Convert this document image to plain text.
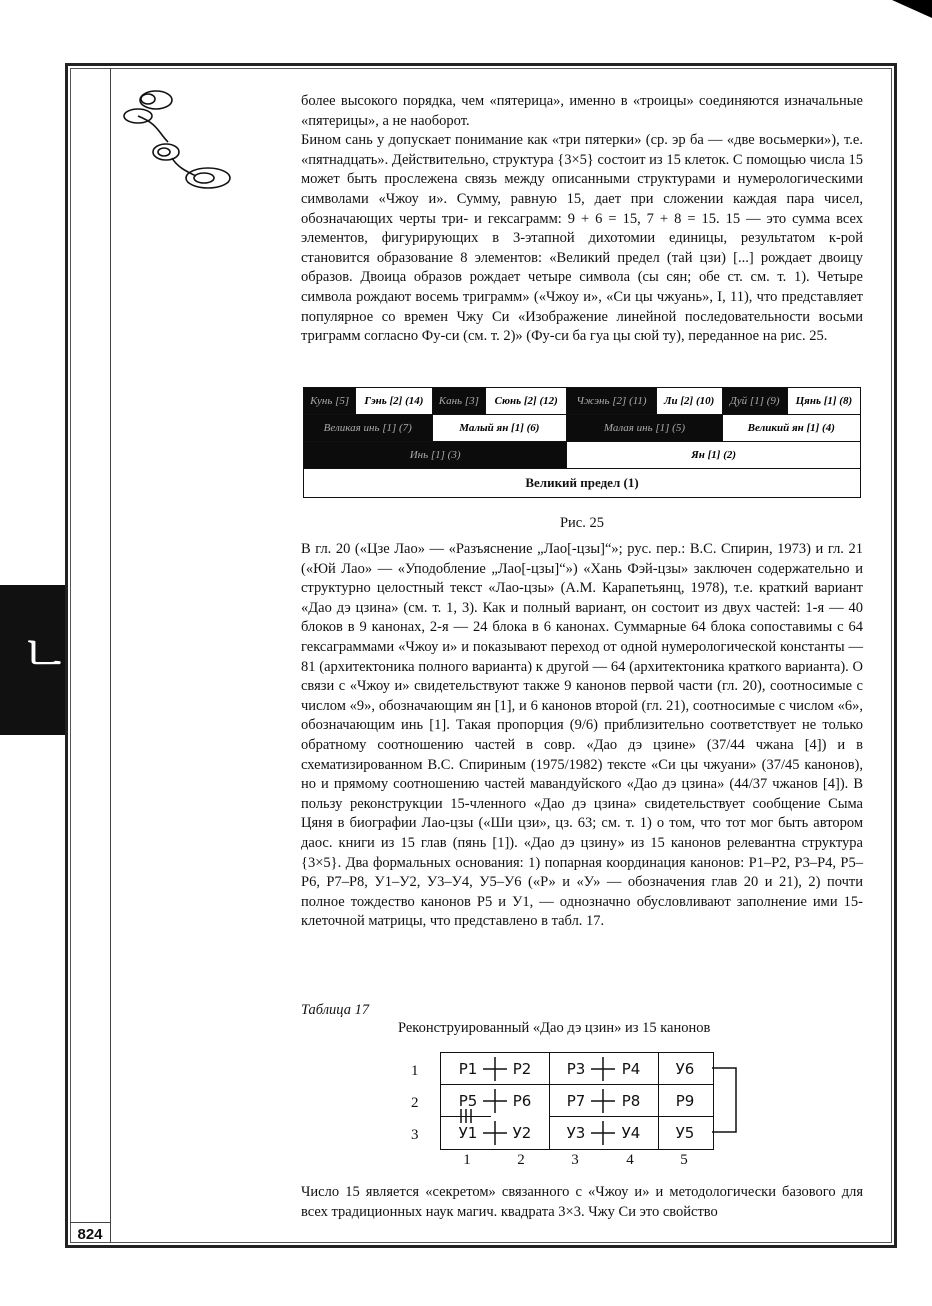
ㄴ

более высокого порядка, чем «пятерица», именно в «троицы» соединяются изначальные «пятерицы», а не наоборот.

Бином сань у допускает понимание как «три пятерки» (ср. эр ба — «две восьмерки»), т.е. «пятнадцать». Действительно, структура {3×5} состоит из 15 клеток. С помощью числа 15 может быть прослежена связь между описанными структурами и нумерологическими символами «Чжоу и». Сумму, равную 15, дает при сложении каждая пара чисел, обозначающих черты три- и гексаграмм: 9 + 6 = 15, 7 + 8 = 15. 15 — это сумма всех элементов, фигурирующих в 3-этапной дихотомии единицы, результатом к-рой становится образование 8 элементов: «Великий предел (тай цзи) [...] рождает двоицу образов. Двоица образов рождает четыре символа (сы сян; обе ст. см. т. 1). Четыре символа рождают восемь триграмм» («Чжоу и», «Си цы чжуань», I, 11), что представляет популярное со времен Чжу Си «Изображение линейной последовательности восьми триграмм согласно Фу-си (см. т. 2)» (Фу-си ба гуа цы сюй ту), переданное на рис. 25.

Кунь [5]	Гэнь [2] (14)	Кань [3]	Сюнь [2] (12)	Чжэнь [2] (11)	Ли [2] (10)	Дуй [1] (9)	Цянь [1] (8)
Великая инь [1] (7)		Малый ян [1] (6)		Малая инь [1] (5)		Великий ян [1] (4)	
Инь [1] (3)				Ян [1] (2)			
Великий предел (1)							
Рис. 25

В гл. 20 («Цзе Лао» — «Разъяснение „Лао[-цзы]“»; рус. пер.: В.С. Спирин, 1973) и гл. 21 («Юй Лао» — «Уподобление „Лао[-цзы]“») «Хань Фэй-цзы» заключен содержательно и структурно целостный текст «Лао-цзы» (А.М. Карапетьянц, 1978), т.е. краткий вариант «Дао дэ цзина» (см. т. 1, 3). Как и полный вариант, он состоит из двух частей: 1-я — 40 блоков в 9 канонах, 2-я — 24 блока в 6 канонах. Суммарные 64 блока сопоставимы с 64 гексаграммами «Чжоу и» и показывают переход от одной нумерологической константы — 81 (архитектоника полного варианта) к другой — 64 (архитектоника краткого варианта). О связи с «Чжоу и» свидетельствуют также 9 канонов первой части (гл. 20), соотносимые с числом «9», обозначающим ян [1], и 6 канонов второй (гл. 21), соотносимые с числом «6», обозначающим инь [1]. Такая пропорция (9/6) приблизительно соответствует не только обратному соотношению частей в совр. «Дао дэ цзине» (37/44 чжана [4]) и в схематизированном В.С. Спириным (1975/1982) тексте «Си цы чжуани» (37/45 канонов), но и прямому соотношению частей мавандуйского «Дао дэ цзина» (44/37 чжанов [4]). В пользу реконструкции 15-членного «Дао дэ цзина» свидетельствует сообщение Сыма Цяня в биографии Лао-цзы («Ши цзи», цз. 63; см. т. 1) о том, что тот мог быть автором даос. книги из 15 глав (пянь [1]). «Дао дэ цзину» из 15 канонов релевантна структура {3×5}. Два формальных основания: 1) попарная координация канонов: Р1–Р2, Р3–Р4, Р5–Р6, Р7–Р8, У1–У2, У3–У4, У5–У6 («Р» и «У» — обозначения глав 20 и 21), 2) почти полное тождество канонов Р5 и У1, — однозначно обусловливают заполнение ими 15-клеточной матрицы, что представлено в табл. 17.

Таблица 17
Реконструированный «Дао дэ цзин» из 15 канонов
1
2
3
Р1	Р2	Р3	Р4	У6
Р5	Р6	Р7	Р8	Р9
У1	У2	У3	У4	У5
1	2	3	4	5

Число 15 является «секретом» связанного с «Чжоу и» и методологически базового для всех традиционных наук магич. квадрата 3×3. Чжу Си это свойство

824
